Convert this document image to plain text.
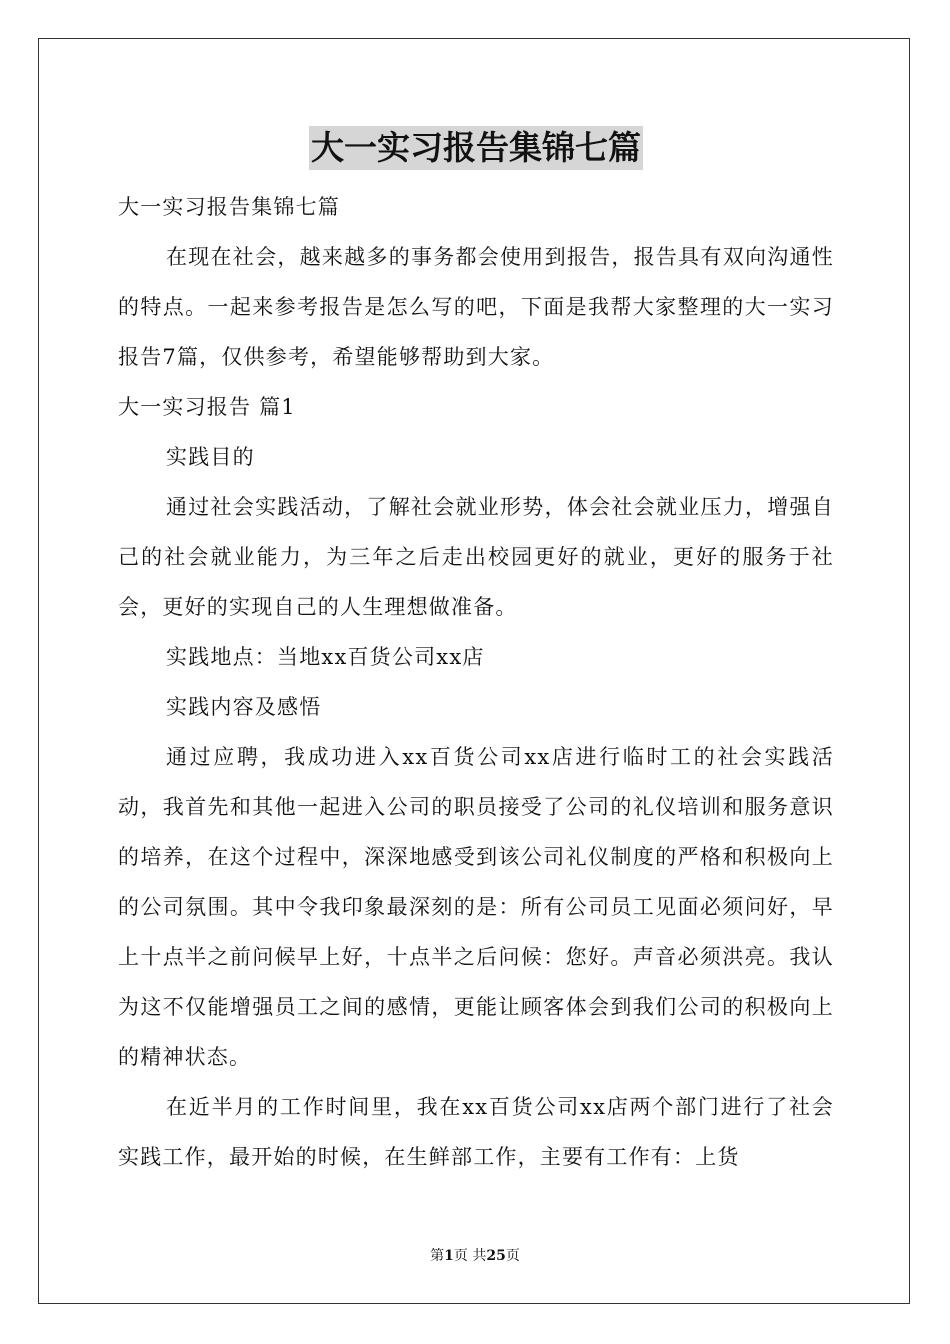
大一实习报告集锦七篇

大一实习报告集锦七篇

在现在社会，越来越多的事务都会使用到报告，报告具有双向沟通性的特点。一起来参考报告是怎么写的吧，下面是我帮大家整理的大一实习报告7篇，仅供参考，希望能够帮助到大家。

大一实习报告 篇1

实践目的

通过社会实践活动，了解社会就业形势，体会社会就业压力，增强自己的社会就业能力，为三年之后走出校园更好的就业，更好的服务于社会，更好的实现自己的人生理想做准备。

实践地点：当地xx百货公司xx店

实践内容及感悟

通过应聘，我成功进入xx百货公司xx店进行临时工的社会实践活动，我首先和其他一起进入公司的职员接受了公司的礼仪培训和服务意识的培养，在这个过程中，深深地感受到该公司礼仪制度的严格和积极向上的公司氛围。其中令我印象最深刻的是：所有公司员工见面必须问好，早上十点半之前问候早上好，十点半之后问候：您好。声音必须洪亮。我认为这不仅能增强员工之间的感情，更能让顾客体会到我们公司的积极向上的精神状态。

在近半月的工作时间里，我在xx百货公司xx店两个部门进行了社会实践工作，最开始的时候，在生鲜部工作，主要有工作有：上货

第1页 共25页
